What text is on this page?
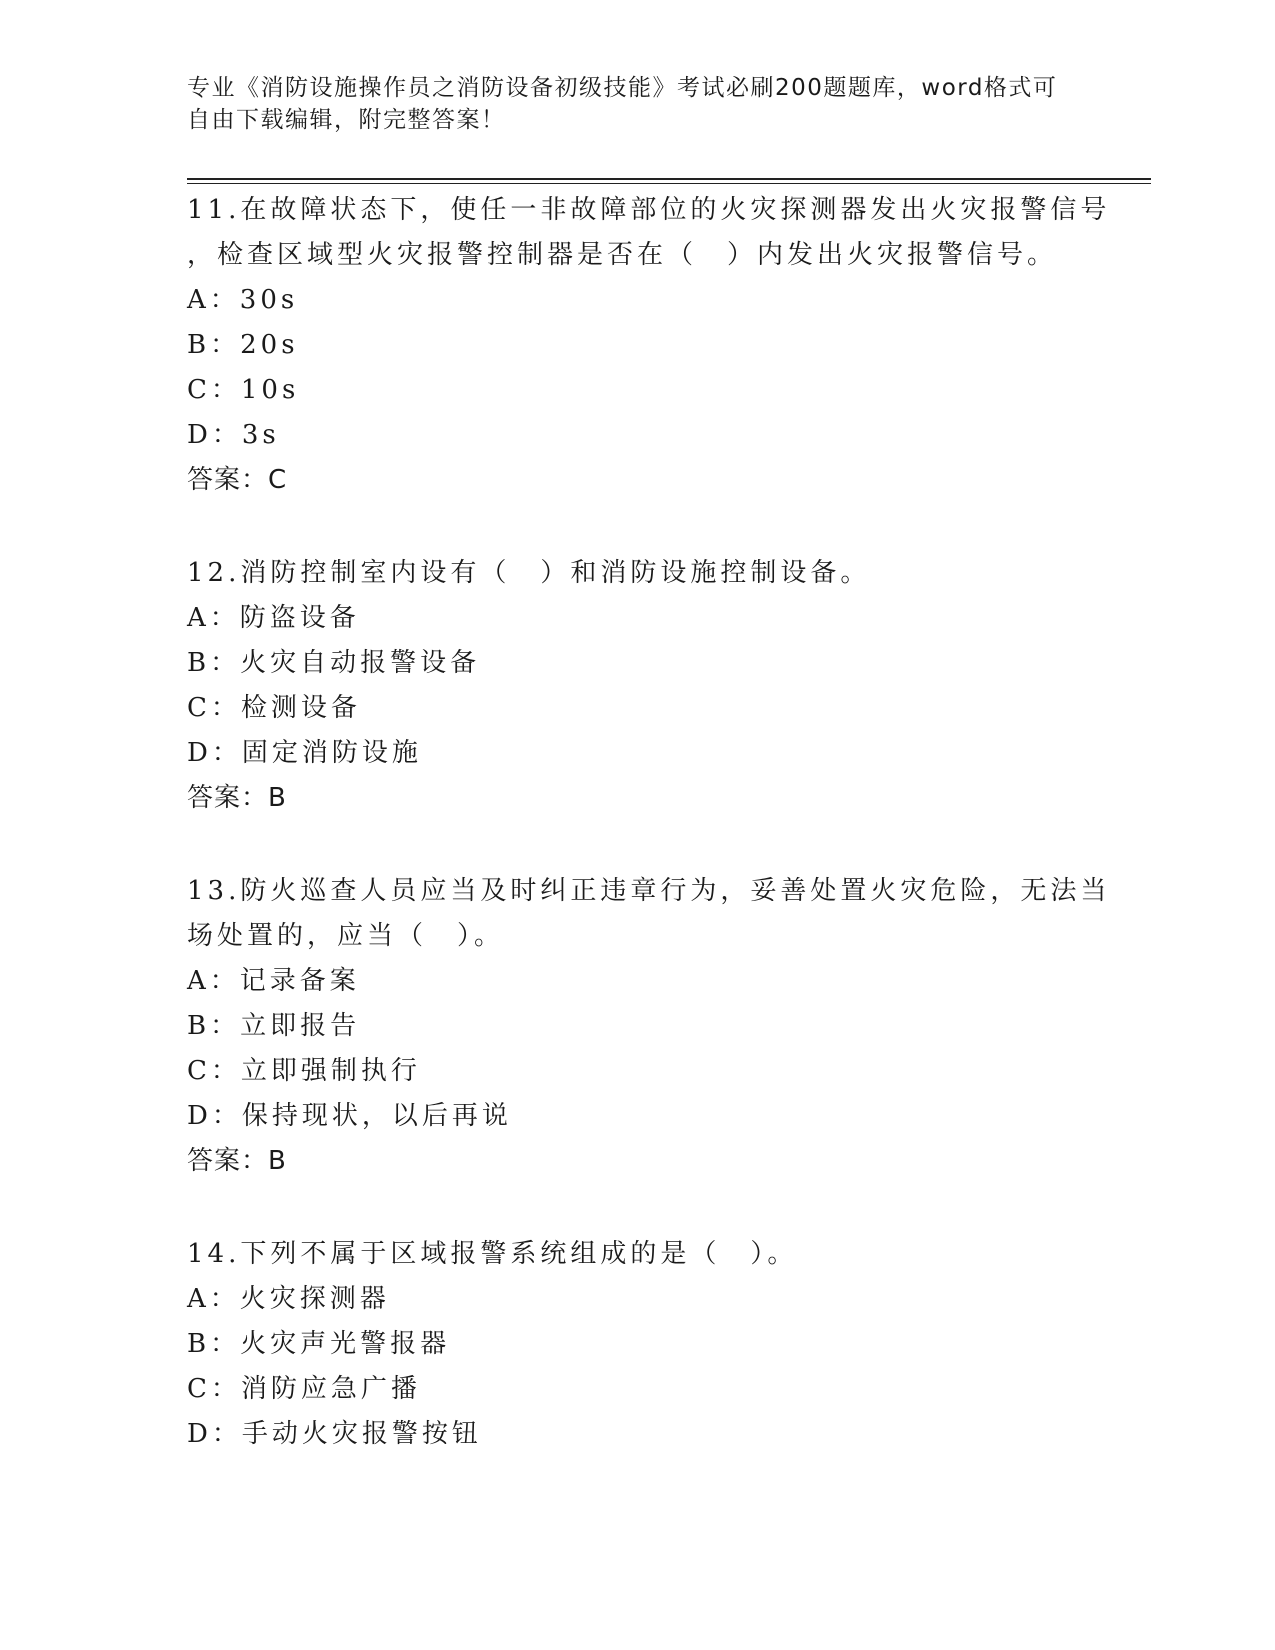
专业《消防设施操作员之消防设备初级技能》考试必刷200题题库，word格式可

自由下载编辑，附完整答案！

11.在故障状态下，使任一非故障部位的火灾探测器发出火灾报警信号
，检查区域型火灾报警控制器是否在（　）内发出火灾报警信号。
A：30s
B：20s
C：10s
D：3s
答案：C
12.消防控制室内设有（　）和消防设施控制设备。
A：防盗设备
B：火灾自动报警设备
C：检测设备
D：固定消防设施
答案：B
13.防火巡查人员应当及时纠正违章行为，妥善处置火灾危险，无法当
场处置的，应当（　）。
A：记录备案
B：立即报告
C：立即强制执行
D：保持现状，以后再说
答案：B
14.下列不属于区域报警系统组成的是（　）。
A：火灾探测器
B：火灾声光警报器
C：消防应急广播
D：手动火灾报警按钮
